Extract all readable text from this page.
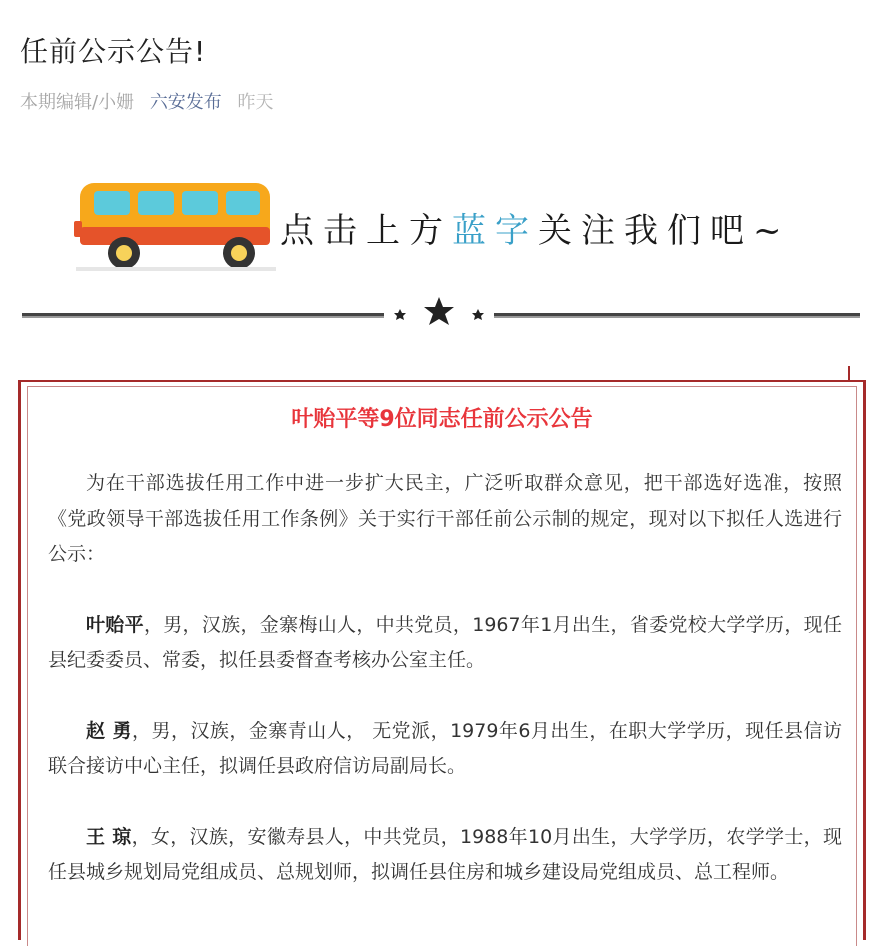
任前公示公告!
本期编辑/小姗 六安发布 昨天
点击上方蓝字关注我们吧~
叶贻平等9位同志任前公示公告

为在干部选拔任用工作中进一步扩大民主，广泛听取群众意见，把干部选好选准，按照《党政领导干部选拔任用工作条例》关于实行干部任前公示制的规定，现对以下拟任人选进行公示：

叶贻平，男，汉族，金寨梅山人，中共党员，1967年1月出生，省委党校大学学历，现任县纪委委员、常委，拟任县委督查考核办公室主任。

赵 勇，男，汉族，金寨青山人， 无党派，1979年6月出生，在职大学学历，现任县信访联合接访中心主任，拟调任县政府信访局副局长。

王 琼，女，汉族，安徽寿县人，中共党员，1988年10月出生，大学学历，农学学士，现任县城乡规划局党组成员、总规划师，拟调任县住房和城乡建设局党组成员、总工程师。
